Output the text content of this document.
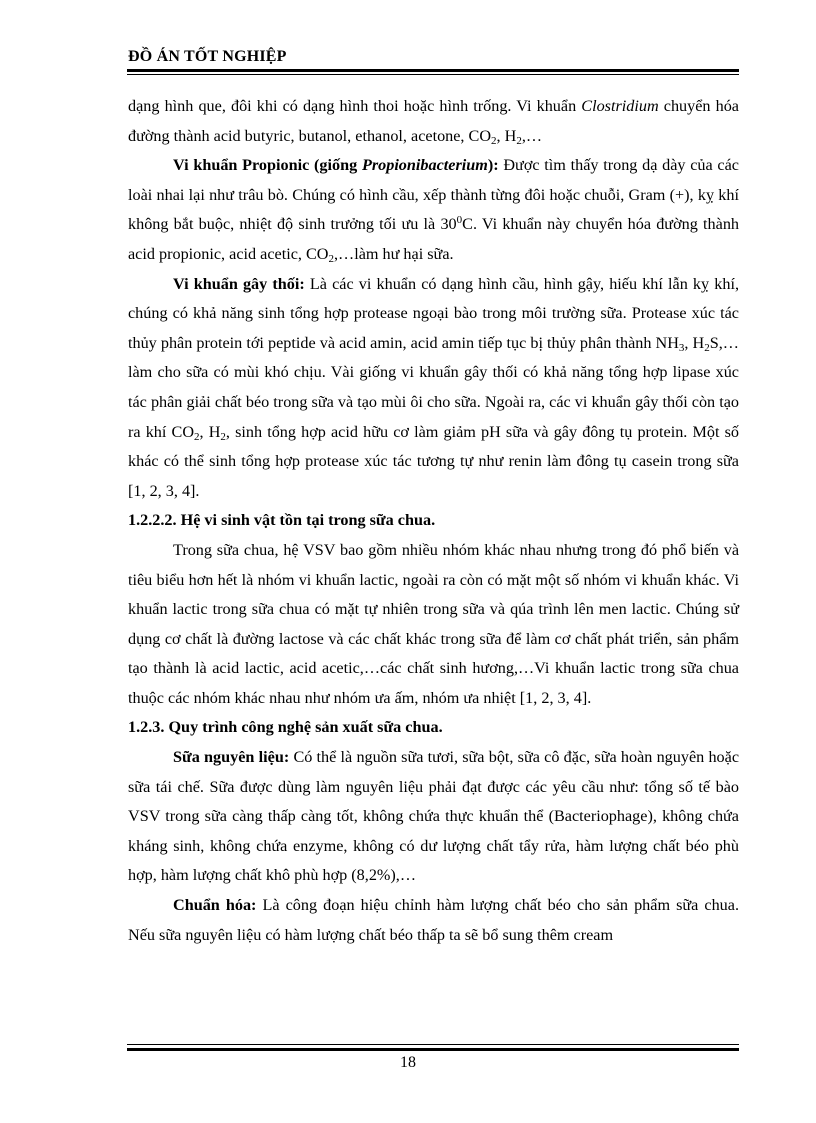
ĐỒ ÁN TỐT NGHIỆP

dạng hình que, đôi khi có dạng hình thoi hoặc hình trống. Vi khuẩn Clostridium chuyển hóa đường thành acid butyric, butanol, ethanol, acetone, $CO_2$, $H_2,\dots$

Vi khuẩn Propionic (giống Propionibacterium): Được tìm thấy trong dạ dày của các loài nhai lại như trâu bò. Chúng có hình cầu, xếp thành từng đôi hoặc chuỗi, Gram (+), kỵ khí không bắt buộc, nhiệt độ sinh trưởng tối ưu là $30^0C$. Vi khuẩn này chuyển hóa đường thành acid propionic, acid acetic, $CO_2,\dots làm$ hư hại sữa.

Vi khuẩn gây thối: Là các vi khuẩn có dạng hình cầu, hình gậy, hiếu khí lẫn kỵ khí, chúng có khả năng sinh tổng hợp protease ngoại bào trong môi trường sữa. Protease xúc tác thủy phân protein tới peptide và acid amin, acid amin tiếp tục bị thủy phân thành $NH_3$, $H_2S,\dots làm$ cho sữa có mùi khó chịu. Vài giống vi khuẩn gây thối có khả năng tổng hợp lipase xúc tác phân giải chất béo trong sữa và tạo mùi ôi cho sữa. Ngoài ra, các vi khuẩn gây thối còn tạo ra khí $CO_2$, $H_2$, sinh tổng hợp acid hữu cơ làm giảm pH sữa và gây đông tụ protein. Một số khác có thể sinh tổng hợp protease xúc tác tương tự như renin làm đông tụ casein trong sữa [1, 2, 3, 4].

1.2.2.2. Hệ vi sinh vật tồn tại trong sữa chua.

Trong sữa chua, hệ VSV bao gồm nhiều nhóm khác nhau nhưng trong đó phổ biến và tiêu biểu hơn hết là nhóm vi khuẩn lactic, ngoài ra còn có mặt một số nhóm vi khuẩn khác. Vi khuẩn lactic trong sữa chua có mặt tự nhiên trong sữa và qúa trình lên men lactic. Chúng sử dụng cơ chất là đường lactose và các chất khác trong sữa để làm cơ chất phát triển, sản phẩm tạo thành là acid lactic, acid acetic,…các chất sinh hương,…Vi khuẩn lactic trong sữa chua thuộc các nhóm khác nhau như nhóm ưa ấm, nhóm ưa nhiệt [1, 2, 3, 4].

1.2.3. Quy trình công nghệ sản xuất sữa chua.

Sữa nguyên liệu: Có thể là nguồn sữa tươi, sữa bột, sữa cô đặc, sữa hoàn nguyên hoặc sữa tái chế. Sữa được dùng làm nguyên liệu phải đạt được các yêu cầu như: tổng số tế bào VSV trong sữa càng thấp càng tốt, không chứa thực khuẩn thể (Bacteriophage), không chứa kháng sinh, không chứa enzyme, không có dư lượng chất tẩy rửa, hàm lượng chất béo phù hợp, hàm lượng chất khô phù hợp (8,2%),…

Chuẩn hóa: Là công đoạn hiệu chỉnh hàm lượng chất béo cho sản phẩm sữa chua. Nếu sữa nguyên liệu có hàm lượng chất béo thấp ta sẽ bổ sung thêm cream

18
